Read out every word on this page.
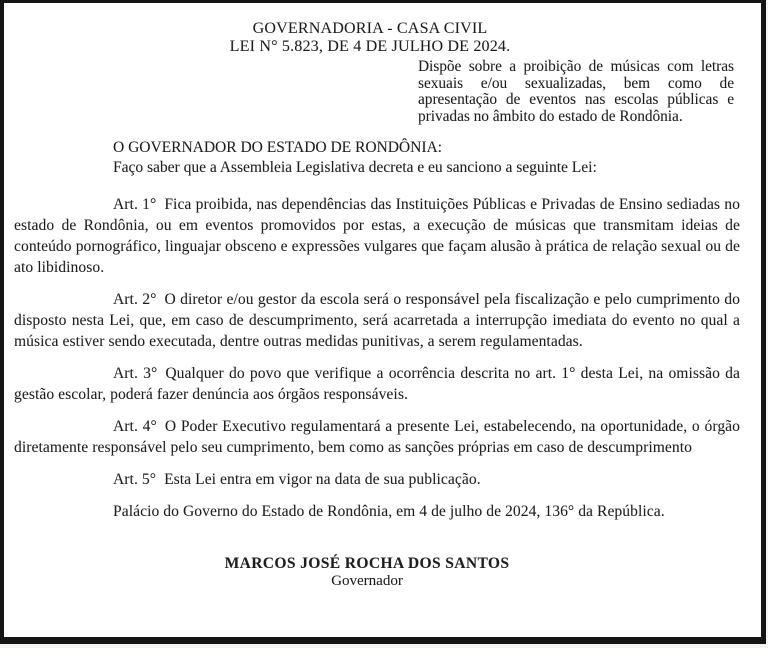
GOVERNADORIA - CASA CIVIL
LEI N° 5.823, DE 4 DE JULHO DE 2024.
Dispõe sobre a proibição de músicas com letras sexuais e/ou sexualizadas, bem como de apresentação de eventos nas escolas públicas e privadas no âmbito do estado de Rondônia.
O GOVERNADOR DO ESTADO DE RONDÔNIA:
Faço saber que a Assembleia Legislativa decreta e eu sanciono a seguinte Lei:

Art. 1° Fica proibida, nas dependências das Instituições Públicas e Privadas de Ensino sediadas no estado de Rondônia, ou em eventos promovidos por estas, a execução de músicas que transmitam ideias de conteúdo pornográfico, linguajar obsceno e expressões vulgares que façam alusão à prática de relação sexual ou de ato libidinoso.

Art. 2° O diretor e/ou gestor da escola será o responsável pela fiscalização e pelo cumprimento do disposto nesta Lei, que, em caso de descumprimento, será acarretada a interrupção imediata do evento no qual a música estiver sendo executada, dentre outras medidas punitivas, a serem regulamentadas.

Art. 3° Qualquer do povo que verifique a ocorrência descrita no art. 1° desta Lei, na omissão da gestão escolar, poderá fazer denúncia aos órgãos responsáveis.

Art. 4° O Poder Executivo regulamentará a presente Lei, estabelecendo, na oportunidade, o órgão diretamente responsável pelo seu cumprimento, bem como as sanções próprias em caso de descumprimento

Art. 5° Esta Lei entra em vigor na data de sua publicação.

Palácio do Governo do Estado de Rondônia, em 4 de julho de 2024, 136° da República.

MARCOS JOSÉ ROCHA DOS SANTOS
Governador
